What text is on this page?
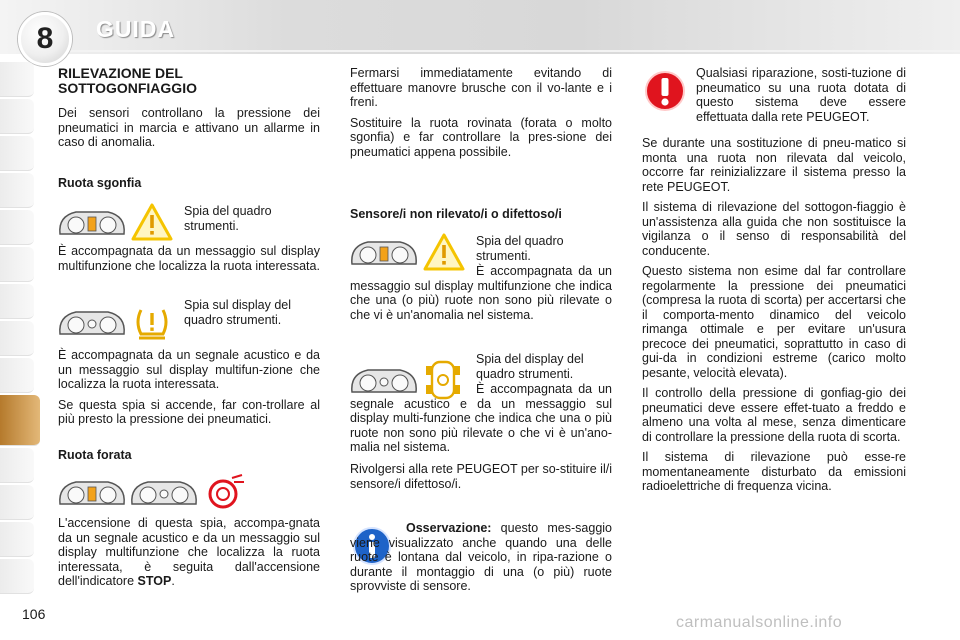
8	GUIDA
RILEVAZIONE DEL SOTTOGONFIAGGIO

Dei sensori controllano la pressione dei pneumatici in marcia e attivano un allarme in caso di anomalia.

Ruota sgonfia
Spia del quadro strumenti.

È accompagnata da un messaggio sul display multifunzione che localizza la ruota interessata.

Spia sul display del quadro strumenti.

È accompagnata da un segnale acustico e da un messaggio sul display multifun-zione che localizza la ruota interessata.

Se questa spia si accende, far con-trollare al più presto la pressione dei pneumatici.

Ruota forata

L'accensione di questa spia, accompa-gnata da un segnale acustico e da un messaggio sul display multifunzione che localizza la ruota interessata, è seguita dall'accensione dell'indicatore STOP.

Fermarsi immediatamente evitando di effettuare manovre brusche con il vo-lante e i freni.

Sostituire la ruota rovinata (forata o molto sgonfia) e far controllare la pres-sione dei pneumatici appena possibile.

Sensore/i non rilevato/i o difettoso/i
Spia del quadro strumenti.

È accompagnata da un messaggio sul display multifunzione che indica che una (o più) ruote non sono più rilevate o che vi è un'anomalia nel sistema.

Spia del display del quadro strumenti.

È accompagnata da un segnale acustico e da un messaggio sul display multi-funzione che indica che una o più ruote non sono più rilevate o che vi è un'ano-malia nel sistema.

Rivolgersi alla rete PEUGEOT per so-stituire il/i sensore/i difettoso/i.

Osservazione: questo mes-saggio viene visualizzato anche quando una delle ruote è lontana dal veicolo, in ripa-razione o durante il montaggio di una (o più) ruote sprovviste di sensore.

Qualsiasi riparazione, sosti-tuzione di pneumatico su una ruota dotata di questo sistema deve essere effettuata dalla rete PEUGEOT.

Se durante una sostituzione di pneu-matico si monta una ruota non rilevata dal veicolo, occorre far reinizializzare il sistema presso la rete PEUGEOT.

Il sistema di rilevazione del sottogon-fiaggio è un'assistenza alla guida che non sostituisce la vigilanza o il senso di responsabilità del conducente.

Questo sistema non esime dal far controllare regolarmente la pressione dei pneumatici (compresa la ruota di scorta) per accertarsi che il comporta-mento dinamico del veicolo rimanga ottimale e per evitare un'usura precoce dei pneumatici, soprattutto in caso di gui-da in condizioni estreme (carico molto pesante, velocità elevata).

Il controllo della pressione di gonfiag-gio dei pneumatici deve essere effet-tuato a freddo e almeno una volta al mese, senza dimenticare di controllare la pressione della ruota di scorta.

Il sistema di rilevazione può esse-re momentaneamente disturbato da emissioni radioelettriche di frequenza vicina.

106	carmanualsonline.info
